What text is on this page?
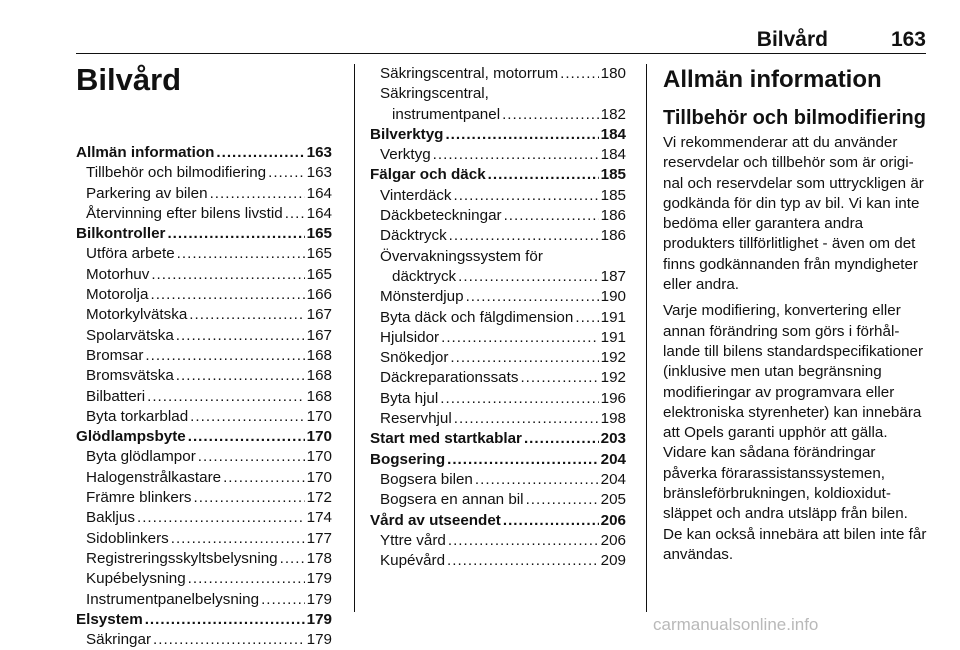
Bilvård	163
Bilvård
Allmän information .....	163
Tillbehör och bilmodifiering .....	163
Parkering av bilen .....	164
Återvinning efter bilens livstid ..... 164
Bilkontroller .....	165
Utföra arbete .....	165
Motorhuv .....	165
Motorolja .....	166
Motorkylvätska .....	167
Spolarvätska .....	167
Bromsar .....	168
Bromsvätska .....	168
Bilbatteri .....	168
Byta torkarblad .....	170
Glödlampsbyte .....	170
Byta glödlampor .....	170
Halogenstrålkastare .....	170
Främre blinkers .....	172
Bakljus .....	174
Sidoblinkers .....	177
Registreringsskyltsbelysning ..... 178
Kupébelysning .....	179
Instrumentpanelbelysning .....	179
Elsystem .....	179
Säkringar .....	179
Säkringscentral, motorrum .....	180
Säkringscentral,
instrumentpanel .....	182
Bilverktyg .....	184
Verktyg .....	184
Fälgar och däck .....	185
Vinterdäck .....	185
Däckbeteckningar .....	186
Däcktryck .....	186
Övervakningssystem för
däcktryck .....	187
Mönsterdjup .....	190
Byta däck och fälgdimension ..... 191
Hjulsidor .....	191
Snökedjor .....	192
Däckreparationssats .....	192
Byta hjul .....	196
Reservhjul .....	198
Start med startkablar .....	203
Bogsering .....	204
Bogsera bilen .....	204
Bogsera en annan bil .....	205
Vård av utseendet .....	206
Yttre vård .....	206
Kupévård .....	209
Allmän information
Tillbehör och bilmodifiering

Vi rekommenderar att du använder reservdelar och tillbehör som är original och reservdelar som uttryckligen är godkända för din typ av bil. Vi kan inte bedöma eller garantera andra produkters tillförlitlighet - även om det finns godkännanden från myndigheter eller andra.

Varje modifiering, konvertering eller annan förändring som görs i förhållande till bilens standardspecifikationer (inklusive men utan begränsning modifieringar av programvara eller elektroniska styrenheter) kan innebära att Opels garanti upphör att gälla. Vidare kan sådana förändringar påverka förarassistanssystemen, bränsleförbrukningen, koldioxidutsläppet och andra utsläpp från bilen. De kan också innebära att bilen inte får användas.

carmanualsonline.info
